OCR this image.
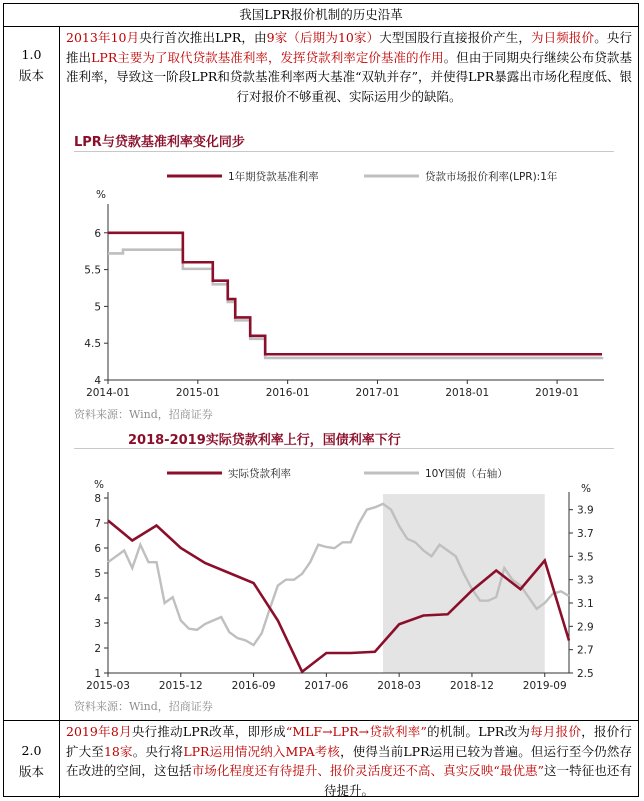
我国LPR报价机制的历史沿革
1.0
版本
2013年10月央行首次推出LPR，由9家（后期为10家）大型国股行直接报价产生，为日频报价。央行推出LPR主要为了取代贷款基准利率，发挥贷款利率定价基准的作用。但由于同期央行继续公布贷款基准利率，导致这一阶段LPR和贷款基准利率两大基准“双轨并存”，并使得LPR暴露出市场化程度低、银行对报价不够重视、实际运用少的缺陷。
LPR与贷款基准利率变化同步
1年期贷款基准利率	贷款市场报价利率(LPR):1年
%
4
4.5
5
5.5
6
2014-01	2015-01	2016-01	2017-01	2018-01	2019-01
资料来源：Wind，招商证券
2018-2019实际贷款利率上行，国债利率下行
实际贷款利率	10Y国债（右轴）
%	%
1
2
3
4
5
6
7
8
2.5
2.7
2.9
3.1
3.3
3.5
3.7
3.9
2015-03	2015-12	2016-09	2017-06	2018-03	2018-12	2019-09
资料来源：Wind，招商证券
2.0
版本
2019年8月央行推动LPR改革，即形成“MLF→LPR→贷款利率”的机制。LPR改为每月报价，报价行扩大至18家。央行将LPR运用情况纳入MPA考核，使得当前LPR运用已较为普遍。但运行至今仍然存在改进的空间，这包括市场化程度还有待提升、报价灵活度还不高、真实反映“最优惠”这一特征也还有待提升。
